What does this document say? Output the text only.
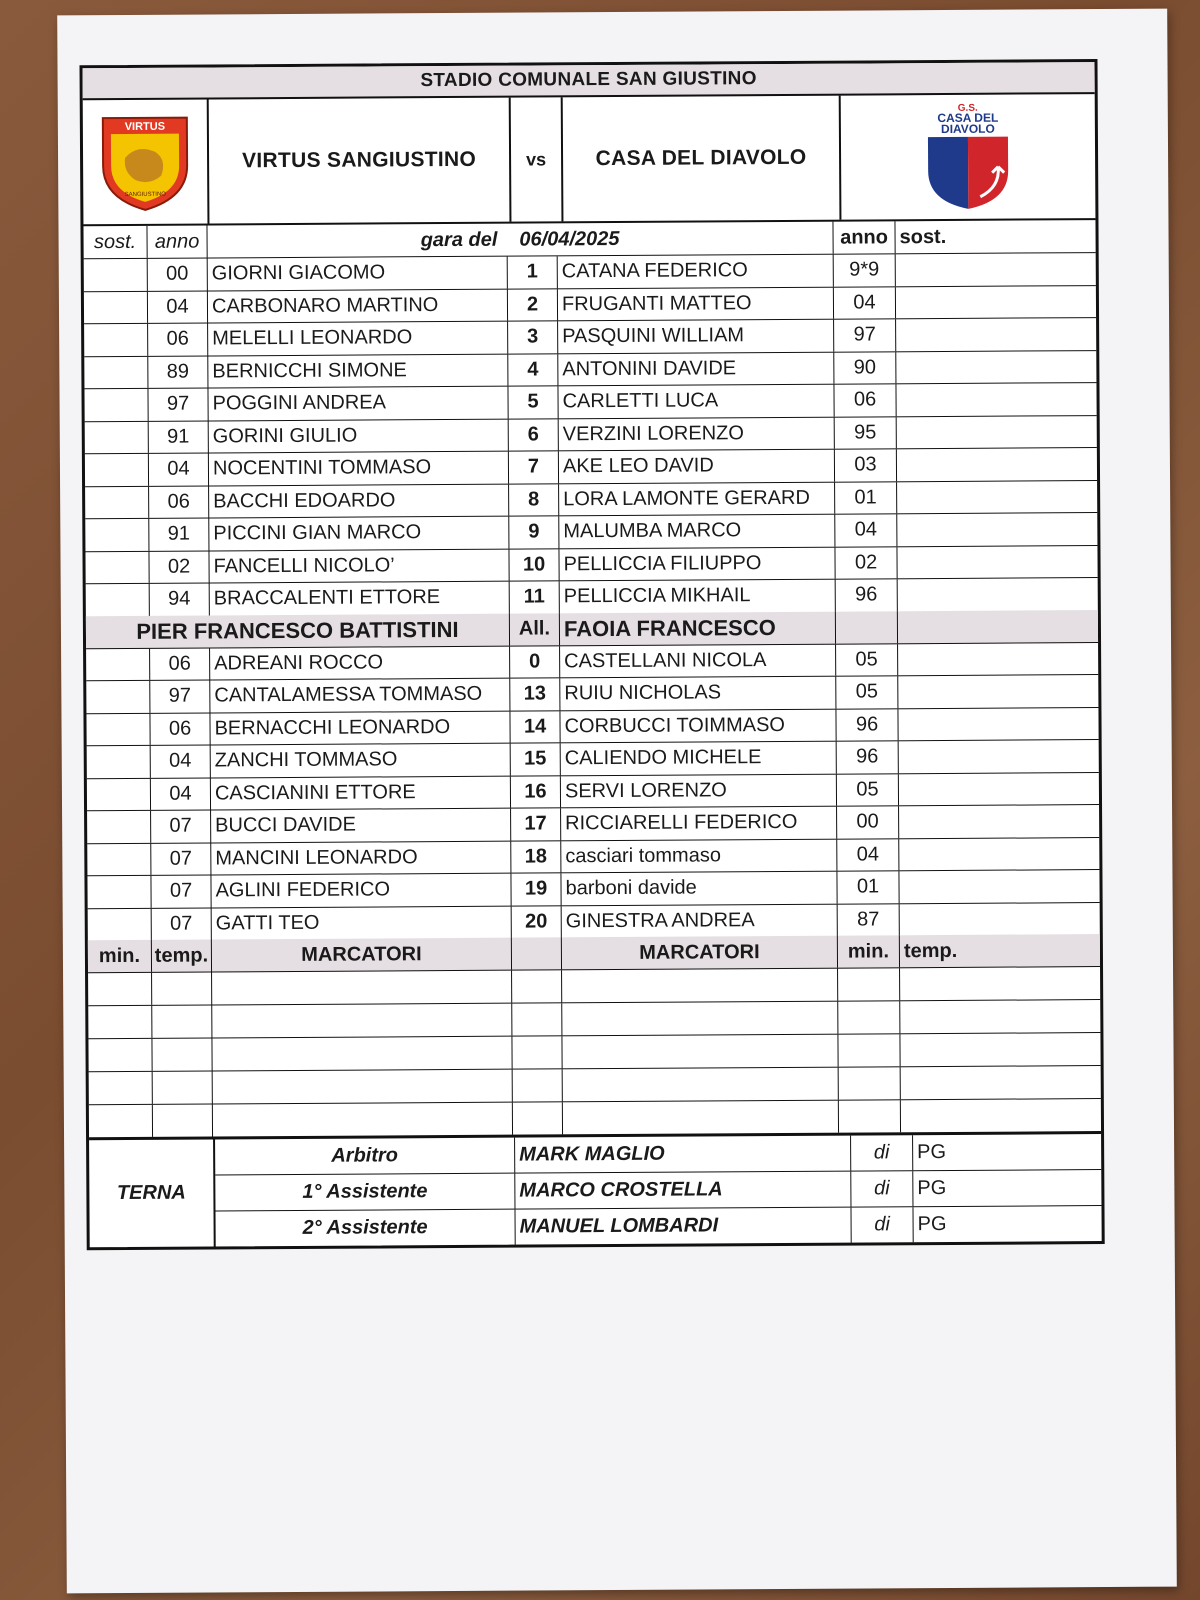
STADIO COMUNALE SAN GIUSTINO
VIRTUS
SANGIUSTINO
VIRTUS SANGIUSTINO	vs CASA DEL DIAVOLO
G.S.
CASA DEL
DIAVOLO
sost. anno	gara del 06/04/2025	anno sost.
00	GIORNI GIACOMO	1	CATANA FEDERICO	9*9
04	CARBONARO MARTINO	2	FRUGANTI MATTEO	04
06	MELELLI LEONARDO	3	PASQUINI WILLIAM	97
89	BERNICCHI SIMONE	4	ANTONINI DAVIDE	90
97	POGGINI ANDREA	5	CARLETTI LUCA	06
91	GORINI GIULIO	6	VERZINI LORENZO	95
04	NOCENTINI TOMMASO	7	AKE LEO DAVID	03
06	BACCHI EDOARDO	8	LORA LAMONTE GERARD	01
91	PICCINI GIAN MARCO	9	MALUMBA MARCO	04
02	FANCELLI NICOLO’	10 PELLICCIA FILIUPPO	02
94	BRACCALENTI ETTORE	11 PELLICCIA MIKHAIL	96
PIER FRANCESCO BATTISTINI	All. FAOIA FRANCESCO
06	ADREANI ROCCO	0	CASTELLANI NICOLA	05
97	CANTALAMESSA TOMMASO	13 RUIU NICHOLAS	05
06	BERNACCHI LEONARDO	14 CORBUCCI TOIMMASO	96
04	ZANCHI TOMMASO	15 CALIENDO MICHELE	96
04	CASCIANINI ETTORE	16 SERVI LORENZO	05
07	BUCCI DAVIDE	17 RICCIARELLI FEDERICO	00
07	MANCINI LEONARDO	18 casciari tommaso	04
07	AGLINI FEDERICO	19 barboni davide	01
07	GATTI TEO	20 GINESTRA ANDREA	87
min. temp.	MARCATORI	MARCATORI	min. temp.
TERNA
Arbitro	MARK MAGLIO	di	PG
1° Assistente	MARCO CROSTELLA	di	PG
2° Assistente	MANUEL LOMBARDI	di	PG
